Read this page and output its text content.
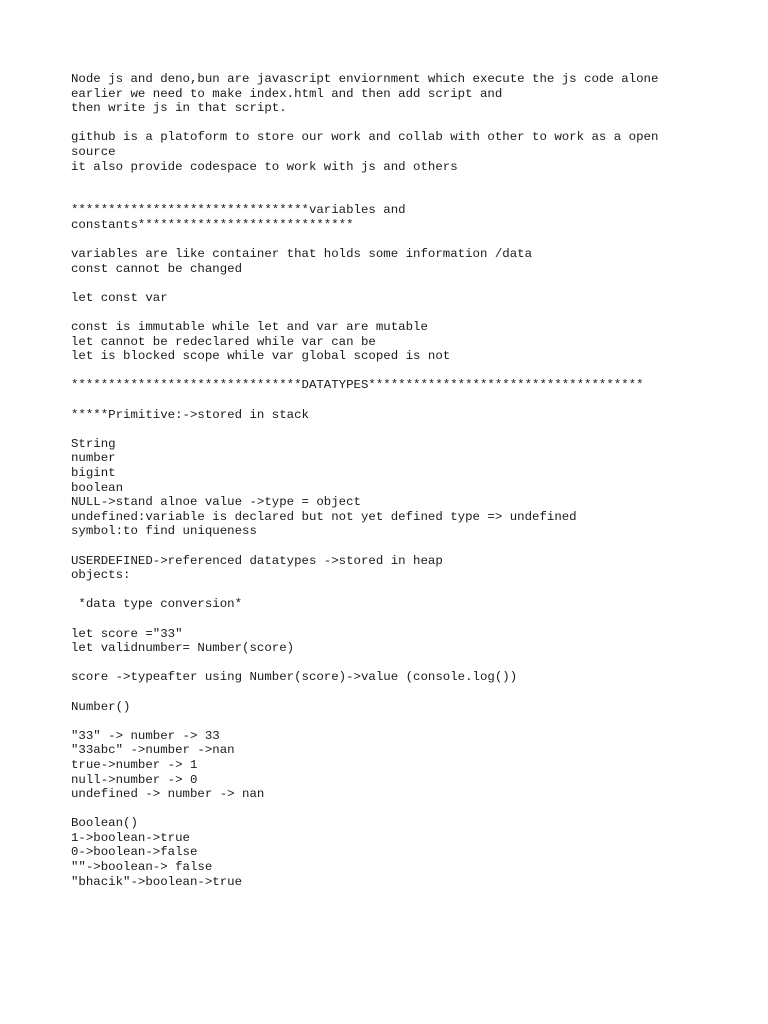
Node js and deno,bun are javascript enviornment which execute the js code alone
earlier we need to make index.html and then add script and
then write js in that script.
github is a platoform to store our work and collab with other to work as a open
source
it also provide codespace to work with js and others
********************************variables and
constants*****************************
variables are like container that holds some information /data
const cannot be changed
let const var
const is immutable while let and var are mutable
let cannot be redeclared while var can be
let is blocked scope while var global scoped is not
*******************************DATATYPES*************************************
*****Primitive:->stored in stack
String
number
bigint
boolean
NULL->stand alnoe value ->type = object
undefined:variable is declared but not yet defined type => undefined
symbol:to find uniqueness
USERDEFINED->referenced datatypes ->stored in heap
objects:
*data type conversion*
let score ="33"
let validnumber= Number(score)
score ->typeafter using Number(score)->value (console.log())
Number()
"33" -> number -> 33
"33abc" ->number ->nan
true->number -> 1
null->number -> 0
undefined -> number -> nan
Boolean()
1->boolean->true
0->boolean->false
""->boolean-> false
"bhacik"->boolean->true
